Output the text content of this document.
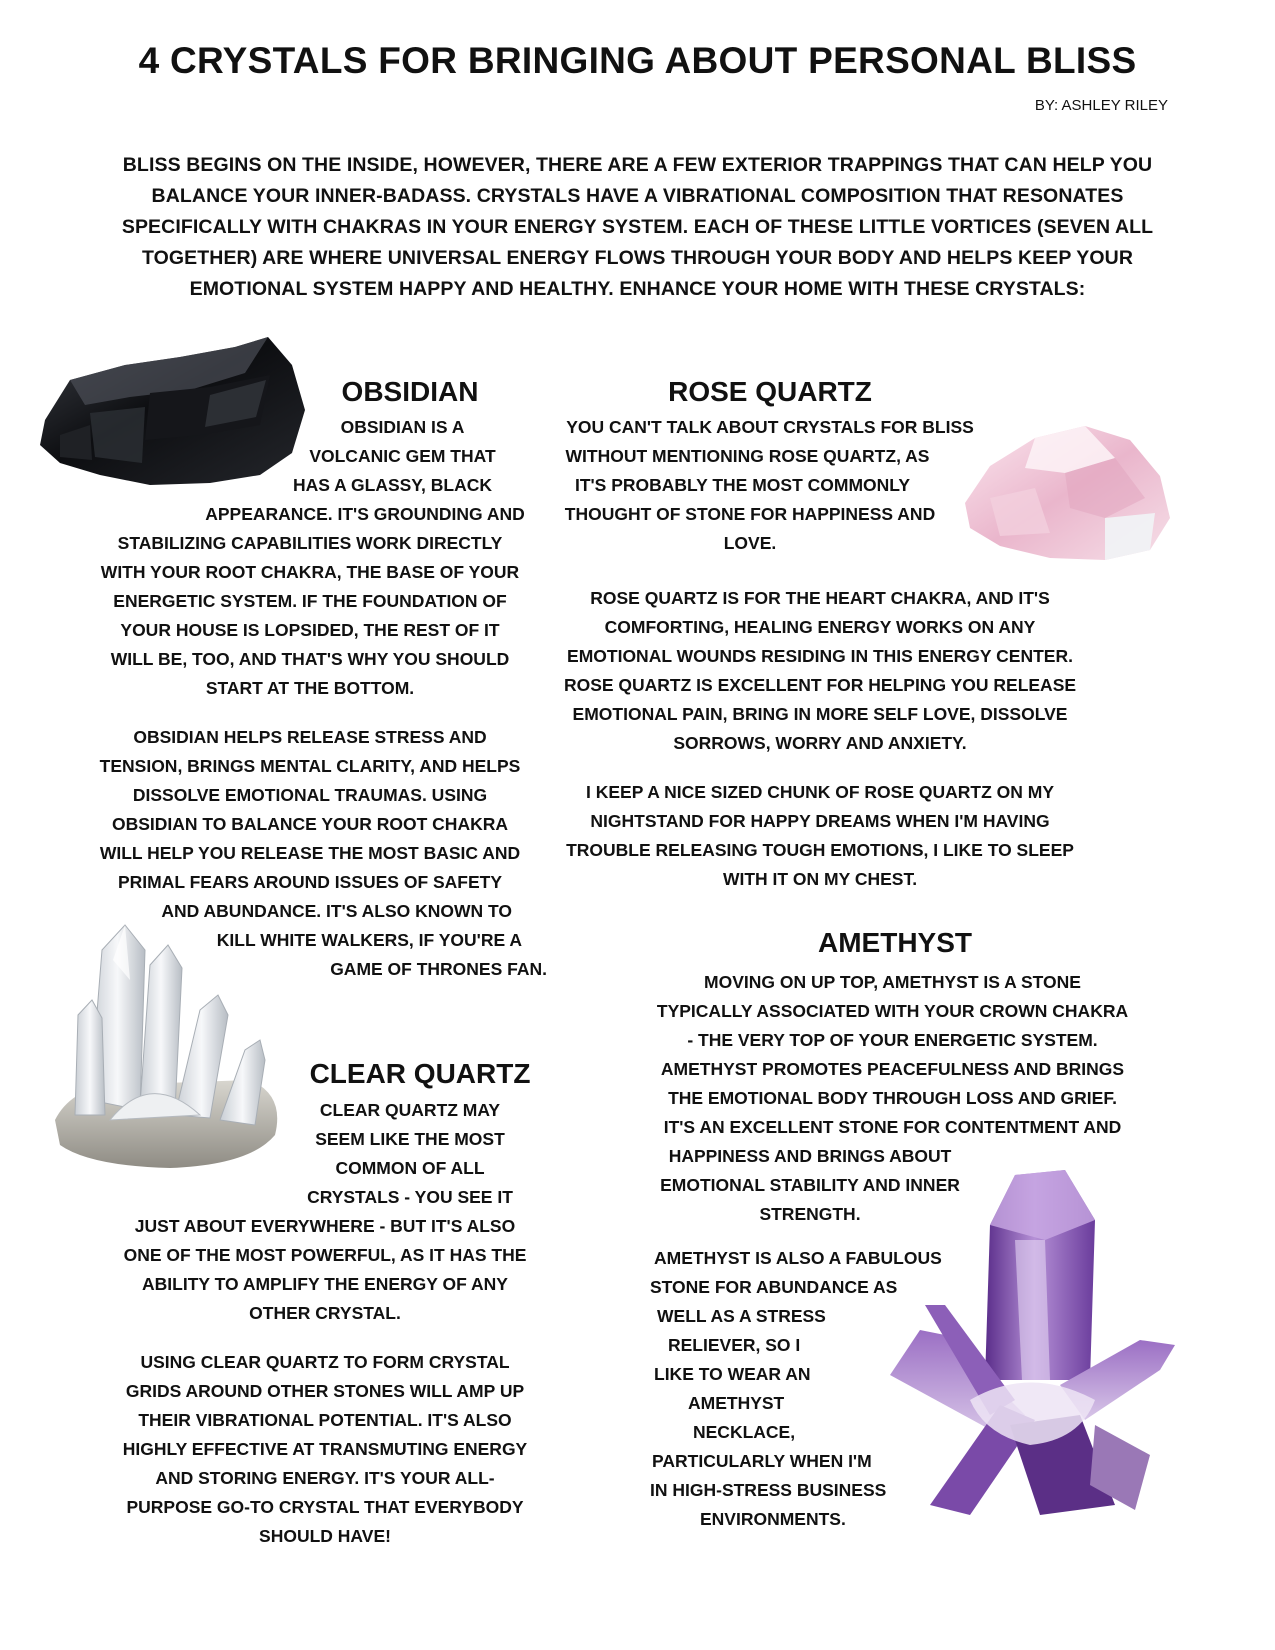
4 CRYSTALS FOR BRINGING ABOUT PERSONAL BLISS
BY: ASHLEY RILEY
BLISS BEGINS ON THE INSIDE, HOWEVER, THERE ARE A FEW EXTERIOR TRAPPINGS THAT CAN HELP YOU
BALANCE YOUR INNER-BADASS. CRYSTALS HAVE A VIBRATIONAL COMPOSITION THAT RESONATES
SPECIFICALLY WITH CHAKRAS IN YOUR ENERGY SYSTEM. EACH OF THESE LITTLE VORTICES (SEVEN ALL
TOGETHER) ARE WHERE UNIVERSAL ENERGY FLOWS THROUGH YOUR BODY AND HELPS KEEP YOUR
EMOTIONAL SYSTEM HAPPY AND HEALTHY. ENHANCE YOUR HOME WITH THESE CRYSTALS:
OBSIDIAN
OBSIDIAN IS A
VOLCANIC GEM THAT
HAS A GLASSY, BLACK
APPEARANCE. IT'S GROUNDING AND
STABILIZING CAPABILITIES WORK DIRECTLY
WITH YOUR ROOT CHAKRA, THE BASE OF YOUR
ENERGETIC SYSTEM. IF THE FOUNDATION OF
YOUR HOUSE IS LOPSIDED, THE REST OF IT
WILL BE, TOO, AND THAT'S WHY YOU SHOULD
START AT THE BOTTOM.
OBSIDIAN HELPS RELEASE STRESS AND
TENSION, BRINGS MENTAL CLARITY, AND HELPS
DISSOLVE EMOTIONAL TRAUMAS. USING
OBSIDIAN TO BALANCE YOUR ROOT CHAKRA
WILL HELP YOU RELEASE THE MOST BASIC AND
PRIMAL FEARS AROUND ISSUES OF SAFETY
AND ABUNDANCE. IT'S ALSO KNOWN TO
KILL WHITE WALKERS, IF YOU'RE A
GAME OF THRONES FAN.
ROSE QUARTZ
YOU CAN'T TALK ABOUT CRYSTALS FOR BLISS
WITHOUT MENTIONING ROSE QUARTZ, AS
IT'S PROBABLY THE MOST COMMONLY
THOUGHT OF STONE FOR HAPPINESS AND
LOVE.
ROSE QUARTZ IS FOR THE HEART CHAKRA, AND IT'S
COMFORTING, HEALING ENERGY WORKS ON ANY
EMOTIONAL WOUNDS RESIDING IN THIS ENERGY CENTER.
ROSE QUARTZ IS EXCELLENT FOR HELPING YOU RELEASE
EMOTIONAL PAIN, BRING IN MORE SELF LOVE, DISSOLVE
SORROWS, WORRY AND ANXIETY.
I KEEP A NICE SIZED CHUNK OF ROSE QUARTZ ON MY
NIGHTSTAND FOR HAPPY DREAMS WHEN I'M HAVING
TROUBLE RELEASING TOUGH EMOTIONS, I LIKE TO SLEEP
WITH IT ON MY CHEST.
CLEAR QUARTZ
CLEAR QUARTZ MAY
SEEM LIKE THE MOST
COMMON OF ALL
CRYSTALS - YOU SEE IT
JUST ABOUT EVERYWHERE - BUT IT'S ALSO
ONE OF THE MOST POWERFUL, AS IT HAS THE
ABILITY TO AMPLIFY THE ENERGY OF ANY
OTHER CRYSTAL.
USING CLEAR QUARTZ TO FORM CRYSTAL
GRIDS AROUND OTHER STONES WILL AMP UP
THEIR VIBRATIONAL POTENTIAL. IT'S ALSO
HIGHLY EFFECTIVE AT TRANSMUTING ENERGY
AND STORING ENERGY. IT'S YOUR ALL-
PURPOSE GO-TO CRYSTAL THAT EVERYBODY
SHOULD HAVE!
AMETHYST
MOVING ON UP TOP, AMETHYST IS A STONE
TYPICALLY ASSOCIATED WITH YOUR CROWN CHAKRA
- THE VERY TOP OF YOUR ENERGETIC SYSTEM.
AMETHYST PROMOTES PEACEFULNESS AND BRINGS
THE EMOTIONAL BODY THROUGH LOSS AND GRIEF.
IT'S AN EXCELLENT STONE FOR CONTENTMENT AND
HAPPINESS AND BRINGS ABOUT
EMOTIONAL STABILITY AND INNER
STRENGTH.
AMETHYST IS ALSO A FABULOUS
STONE FOR ABUNDANCE AS
WELL AS A STRESS
RELIEVER, SO I
LIKE TO WEAR AN
AMETHYST
NECKLACE,
PARTICULARLY WHEN I'M
IN HIGH-STRESS BUSINESS
ENVIRONMENTS.
